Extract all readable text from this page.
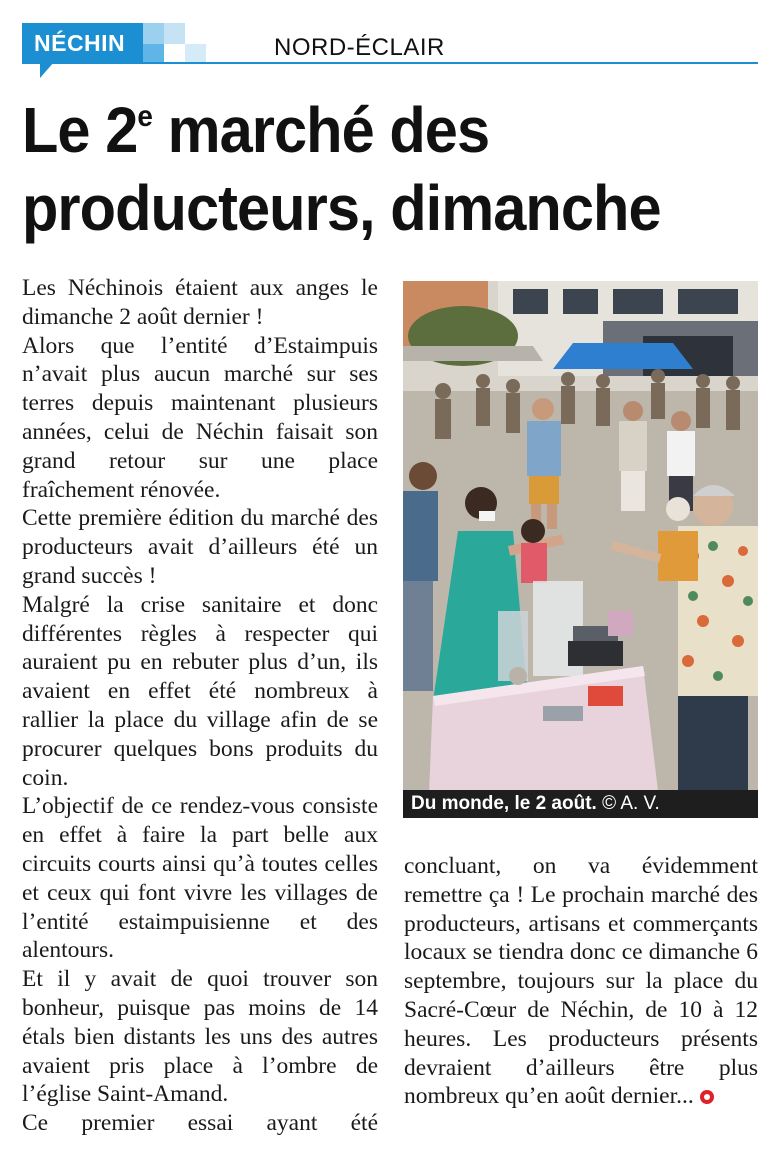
NÉCHIN	NORD-ÉCLAIR
Le 2e marché des producteurs, dimanche

Les Néchinois étaient aux anges le dimanche 2 août dernier !

Alors que l’entité d’Estaimpuis n’avait plus aucun marché sur ses terres depuis maintenant plusieurs années, celui de Néchin faisait son grand retour sur une place fraîchement rénovée.

Cette première édition du marché des producteurs avait d’ailleurs été un grand succès !

Malgré la crise sanitaire et donc différentes règles à respecter qui auraient pu en rebuter plus d’un, ils avaient en effet été nombreux à rallier la place du village afin de se procurer quelques bons produits du coin.

L’objectif de ce rendez-vous consiste en effet à faire la part belle aux circuits courts ainsi qu’à toutes celles et ceux qui font vivre les villages de l’entité estaimpuisienne et des alentours.

Et il y avait de quoi trouver son bonheur, puisque pas moins de 14 étals bien distants les uns des autres avaient pris place à l’ombre de l’église Saint-Amand.

Ce premier essai ayant été

Du monde, le 2 août. © A. V.

concluant, on va évidemment remettre ça ! Le prochain marché des producteurs, artisans et commerçants locaux se tiendra donc ce dimanche 6 septembre, toujours sur la place du Sacré-Cœur de Néchin, de 10 à 12 heures. Les producteurs présents devraient d’ailleurs être plus nombreux qu’en août dernier...
